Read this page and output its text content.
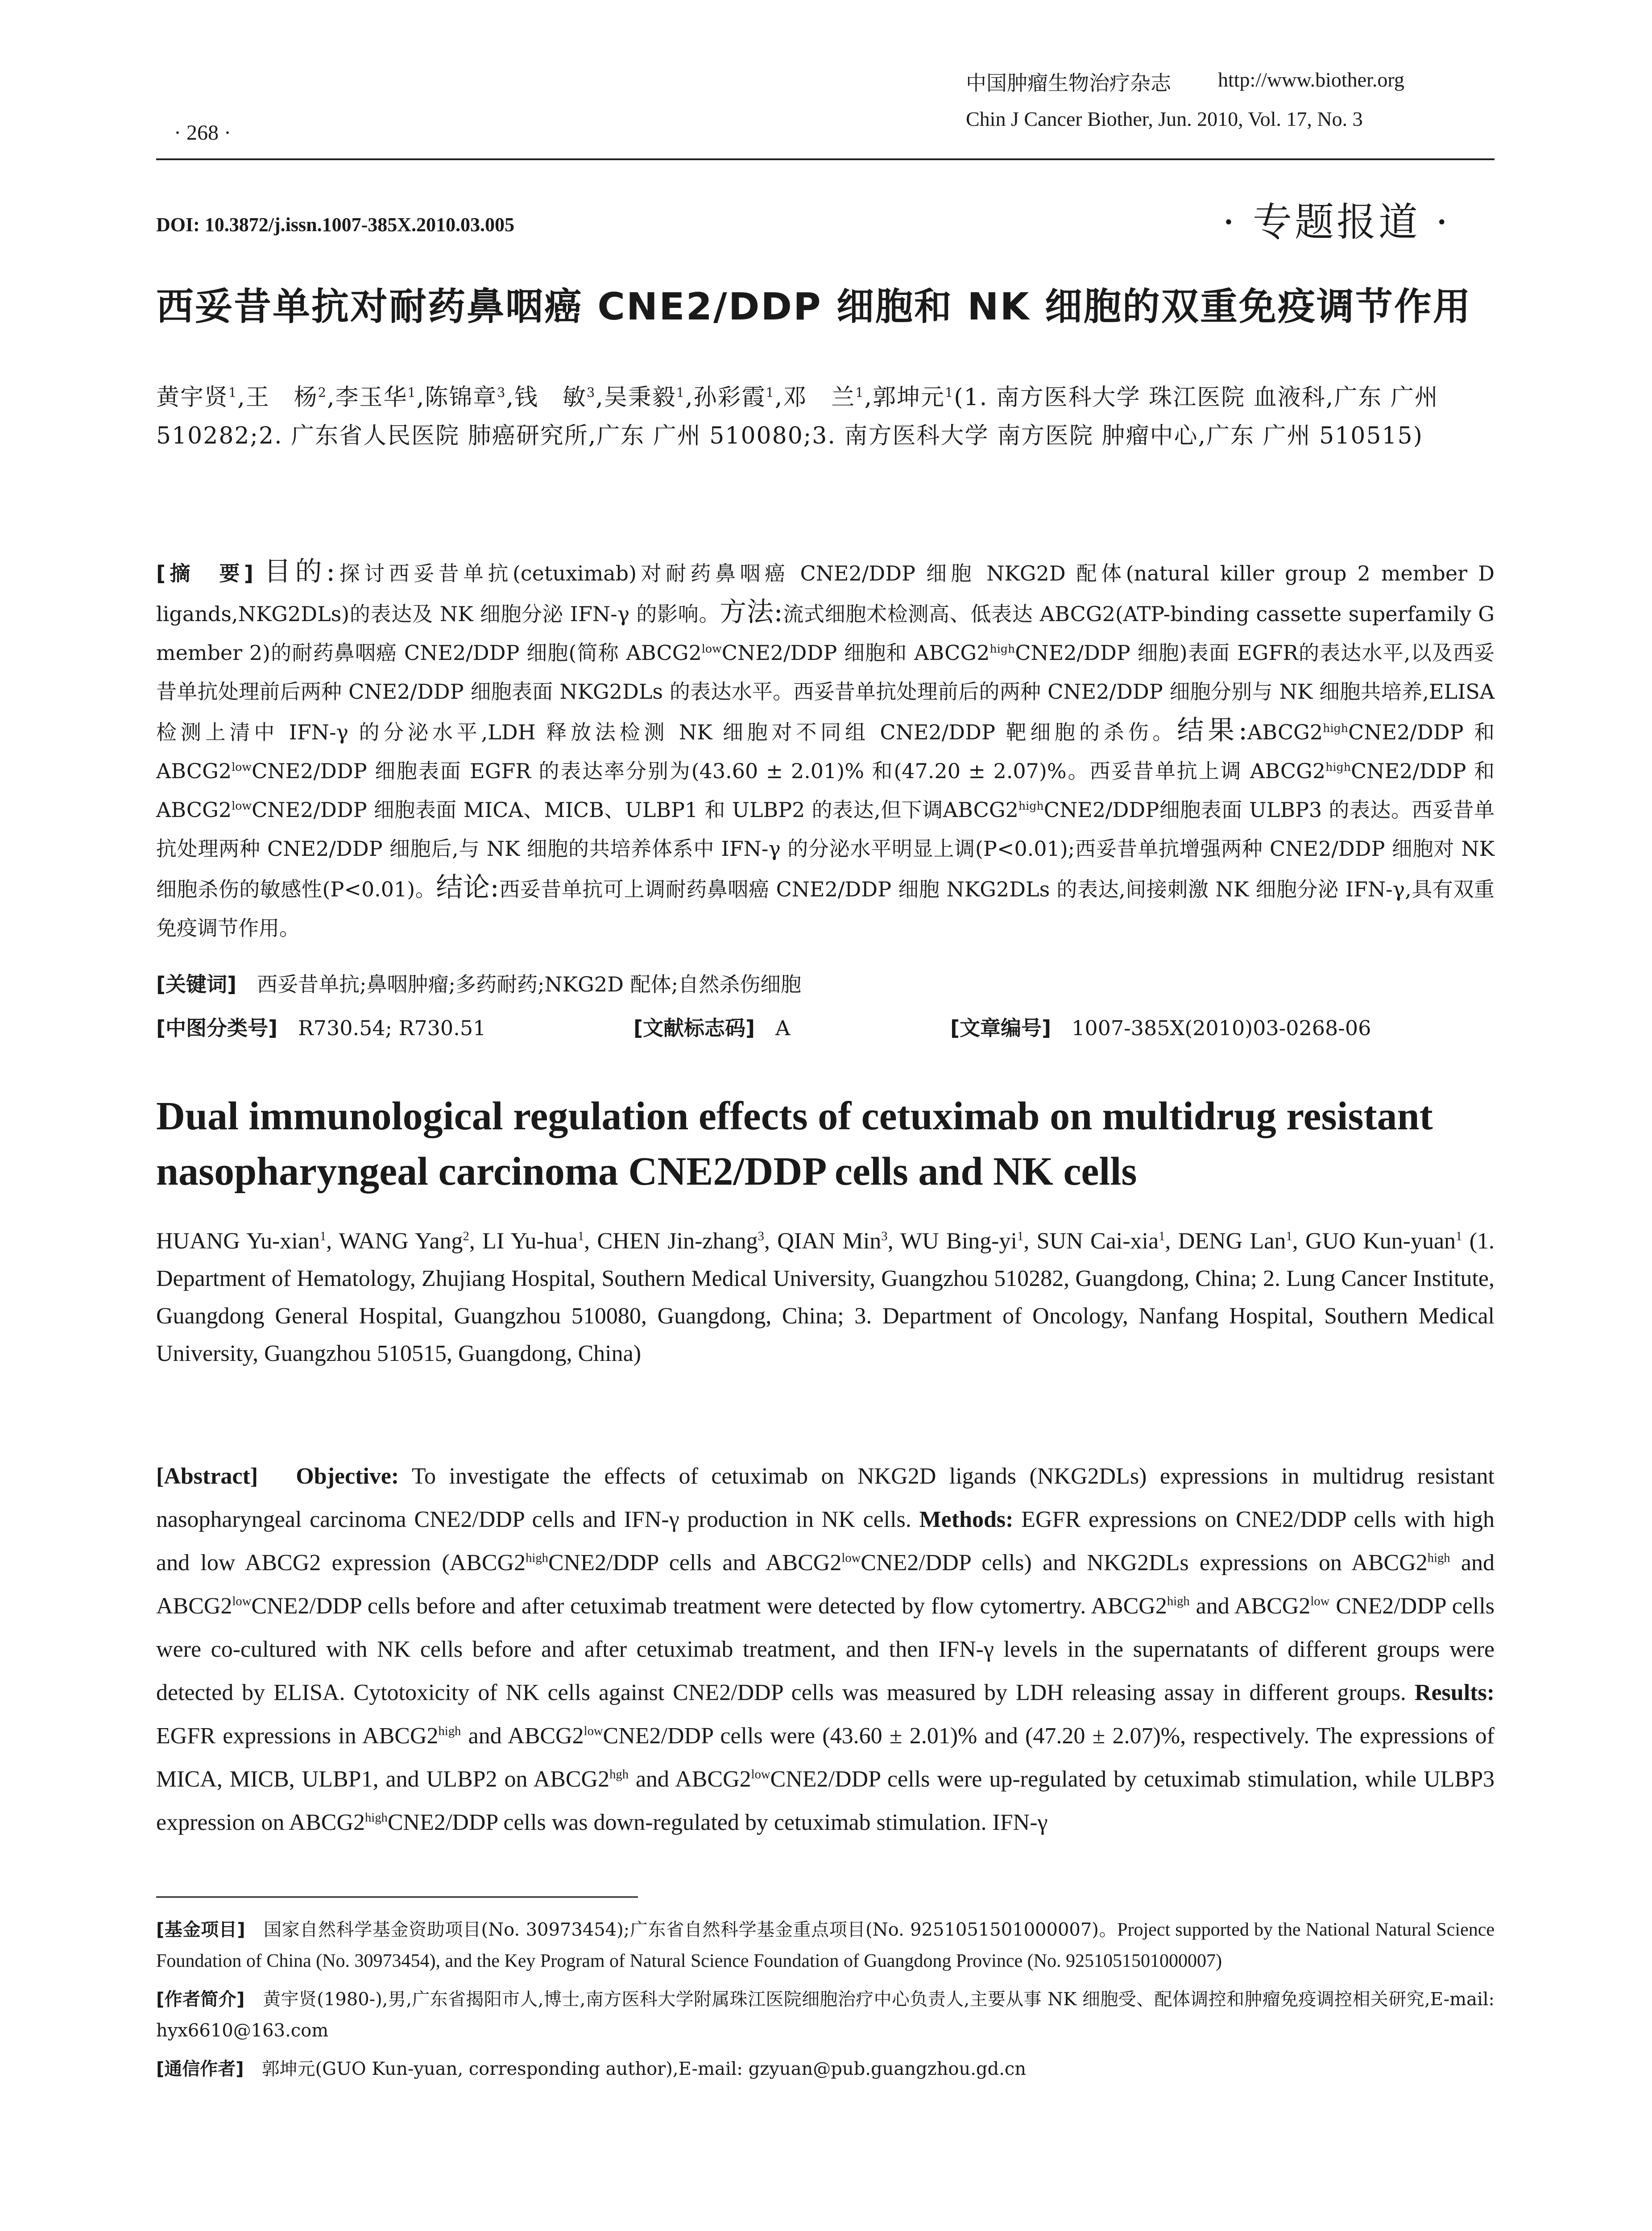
中国肿瘤生物治疗杂志 http://www.biother.org
Chin J Cancer Biother, Jun. 2010, Vol. 17, No. 3
· 268 ·
DOI: 10.3872/j.issn.1007-385X.2010.03.005	· 专题报道 ·
西妥昔单抗对耐药鼻咽癌 CNE2/DDP 细胞和 NK 细胞的双重免疫调节作用
黄宇贤$^1$,王　杨$^2$,李玉华$^1$,陈锦章$^3$,钱　敏$^3$,吴秉毅$^1$,孙彩霞$^1$,邓　兰$^1$,郭坤元$^1$(1. 南方医科大学 珠江医院 血液科,广东 广州 510282;2. 广东省人民医院 肺癌研究所,广东 广州 510080;3. 南方医科大学 南方医院 肿瘤中心,广东 广州 510515)
[摘　要] 目的:探讨西妥昔单抗(cetuximab)对耐药鼻咽癌 CNE2/DDP 细胞 NKG2D 配体(natural killer group 2 member D ligands,NKG2DLs)的表达及 NK 细胞分泌 IFN-γ 的影响。方法:流式细胞术检测高、低表达 ABCG2(ATP-binding cassette superfamily G member 2)的耐药鼻咽癌 CNE2/DDP 细胞(简称 $ABCG2^{low}CNE2$/DDP 细胞和 $ABCG2^{high}CNE2$/DDP 细胞)表面 EGFR的表达水平,以及西妥昔单抗处理前后两种 CNE2/DDP 细胞表面 NKG2DLs 的表达水平。西妥昔单抗处理前后的两种 CNE2/DDP 细胞分别与 NK 细胞共培养,ELISA 检测上清中 IFN-γ 的分泌水平,LDH 释放法检测 NK 细胞对不同组 CNE2/DDP 靶细胞的杀伤。结果$:ABCG2^{high}CNE2$/DDP 和 $ABCG2^{low}CNE2$/DDP 细胞表面 EGFR 的表达率分别为(43.60 ± 2.01)% 和(47.20 ± 2.07)%。西妥昔单抗上调 $ABCG2^{high}CNE2$/DDP 和 $ABCG2^{low}CNE2$/DDP 细胞表面 MICA、MICB、ULBP1 和 ULBP2 的表达,但下调$ABCG2^{high}CNE2$/DDP细胞表面 ULBP3 的表达。西妥昔单抗处理两种 CNE2/DDP 细胞后,与 NK 细胞的共培养体系中 IFN-γ 的分泌水平明显上调(P<0.01);西妥昔单抗增强两种 CNE2/DDP 细胞对 NK 细胞杀伤的敏感性(P<0.01)。结论:西妥昔单抗可上调耐药鼻咽癌 CNE2/DDP 细胞 NKG2DLs 的表达,间接刺激 NK 细胞分泌 IFN-γ,具有双重免疫调节作用。
[关键词]　 西妥昔单抗;鼻咽肿瘤;多药耐药;NKG2D 配体;自然杀伤细胞
[中图分类号]　 R730.54; R730.51	[文献标志码]　 A	[文章编号]　 1007-385X(2010)03-0268-06
Dual immunological regulation effects of cetuximab on multidrug resistant nasopharyngeal carcinoma CNE2/DDP cells and NK cells
HUANG Yu-xian$^1$, WANG Yang$^2$, LI Yu-hua$^1$, CHEN Jin-zhang$^3$, QIAN Min$^3$, WU Bing-$yi^1$, SUN Cai-xia$^1$, DENG Lan$^1$, GUO Kun-yuan$^1$ (1. Department of Hematology, Zhujiang Hospital, Southern Medical University, Guangzhou 510282, Guangdong, China; 2. Lung Cancer Institute, Guangdong General Hospital, Guangzhou 510080, Guangdong, China; 3. Department of Oncology, Nanfang Hospital, Southern Medical University, Guangzhou 510515, Guangdong, China)
[Abstract]　 Objective: To investigate the effects of cetuximab on NKG2D ligands (NKG2DLs) expressions in multidrug resistant nasopharyngeal carcinoma CNE2/DDP cells and IFN-γ production in NK cells. Methods: EGFR expressions on CNE2/DDP cells with high and low ABCG2 expression ($ABCG2^{high}CNE2$/DDP cells and $ABCG2^{low}CNE2$/DDP cells) and NKG2DLs expressions on $ABCG2^{high}$ and $ABCG2^{low}CNE2$/DDP cells before and after cetuximab treatment were detected by flow cytomertry. $ABCG2^{high}$ and $ABCG2^{low}$ CNE2/DDP cells were co-cultured with NK cells before and after cetuximab treatment, and then IFN-γ levels in the supernatants of different groups were detected by ELISA. Cytotoxicity of NK cells against CNE2/DDP cells was measured by LDH releasing assay in different groups. Results: EGFR expressions in $ABCG2^{high}$ and $ABCG2^{low}CNE2$/DDP cells were (43.60 ± 2.01)% and (47.20 ± 2.07)%, respectively. The expressions of MICA, MICB, ULBP1, and ULBP2 on $ABCG2^{hgh}$ and $ABCG2^{low}CNE2$/DDP cells were up-regulated by cetuximab stimulation, while ULBP3 expression on $ABCG2^{high}CNE2$/DDP cells was down-regulated by cetuximab stimulation. IFN-γ

[基金项目]　 国家自然科学基金资助项目(No. 30973454);广东省自然科学基金重点项目(No. 9251051501000007)。Project supported by the National Natural Science Foundation of China (No. 30973454), and the Key Program of Natural Science Foundation of Guangdong Province (No. 9251051501000007)

[作者简介]　 黄宇贤(1980-),男,广东省揭阳市人,博士,南方医科大学附属珠江医院细胞治疗中心负责人,主要从事 NK 细胞受、配体调控和肿瘤免疫调控相关研究,E-mail: hyx6610@163.com

[通信作者]　 郭坤元(GUO Kun-yuan, corresponding author),E-mail: gzyuan@pub.guangzhou.gd.cn
